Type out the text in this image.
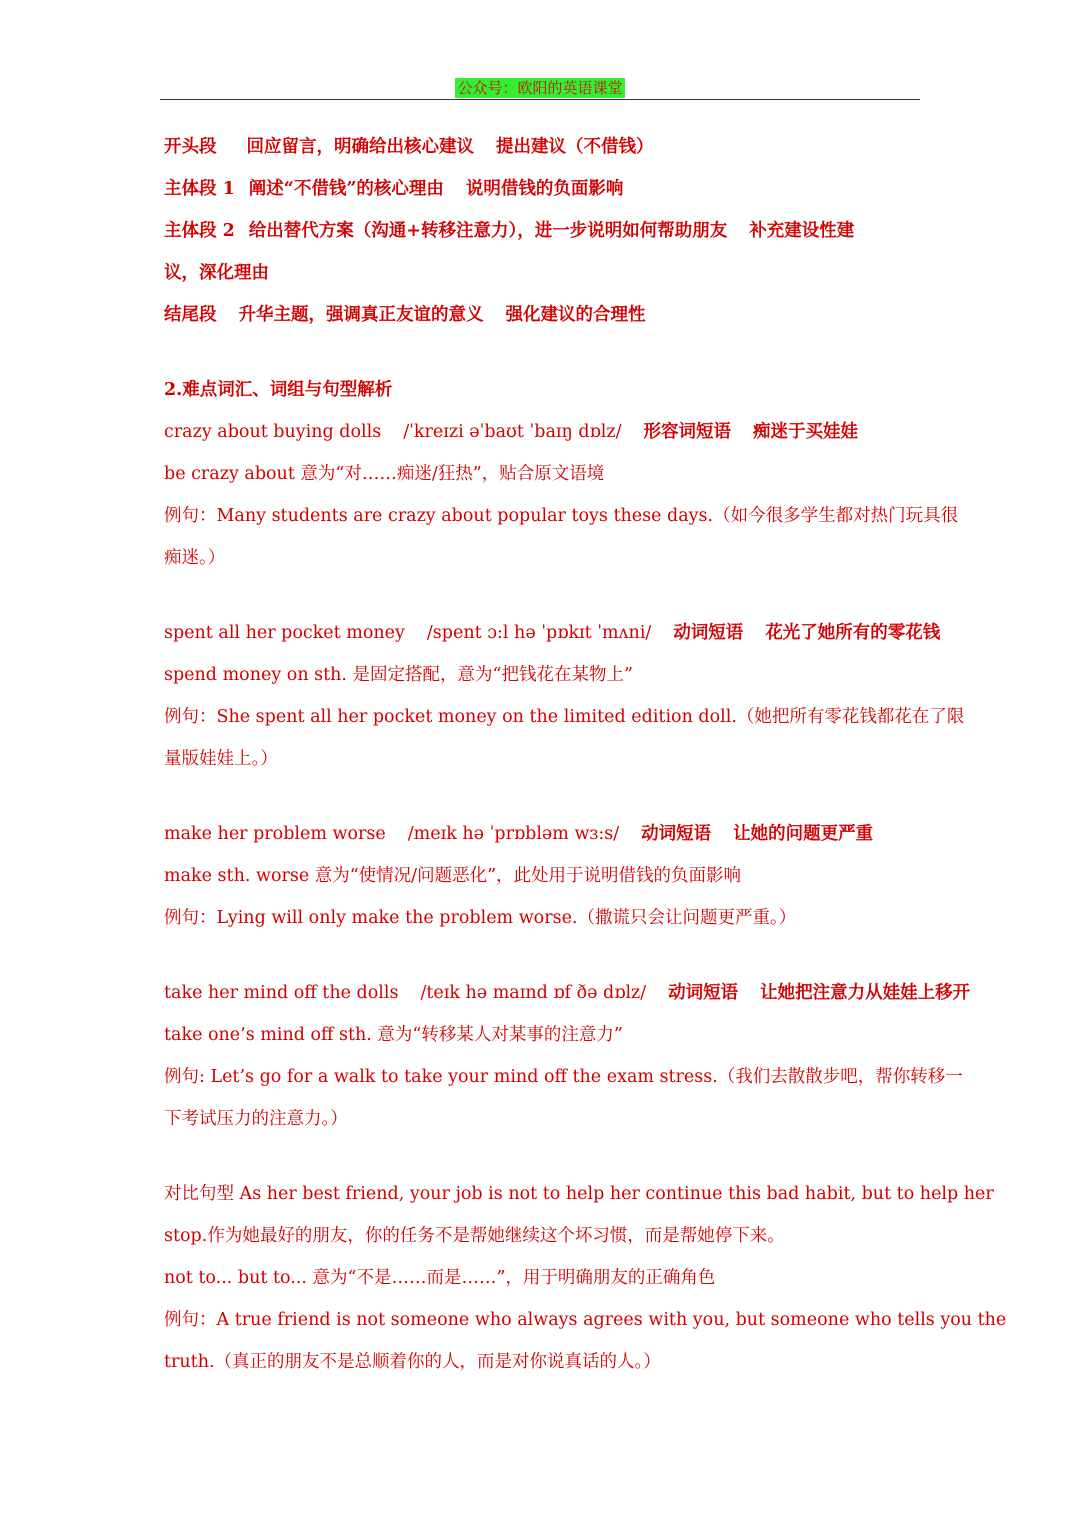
公众号：欧阳的英语课堂
开头段 回应留言，明确给出核心建议 提出建议（不借钱）
主体段 1 阐述“不借钱”的核心理由 说明借钱的负面影响
主体段 2 给出替代方案（沟通+转移注意力），进一步说明如何帮助朋友 补充建设性建
议，深化理由
结尾段 升华主题，强调真正友谊的意义 强化建议的合理性
2.难点词汇、词组与句型解析
crazy about buying dolls /ˈkreɪzi əˈbaʊt ˈbaɪŋ dɒlz/ 形容词短语 痴迷于买娃娃
be crazy about 意为“对……痴迷/狂热”，贴合原文语境
例句：Many students are crazy about popular toys these days.（如今很多学生都对热门玩具很
痴迷。）
spent all her pocket money /spent ɔ:l hə ˈpɒkɪt ˈmʌni/ 动词短语 花光了她所有的零花钱
spend money on sth. 是固定搭配，意为“把钱花在某物上”
例句：She spent all her pocket money on the limited edition doll.（她把所有零花钱都花在了限
量版娃娃上。）
make her problem worse /meɪk hə ˈprɒbləm wɜ:s/ 动词短语 让她的问题更严重
make sth. worse 意为“使情况/问题恶化”，此处用于说明借钱的负面影响
例句：Lying will only make the problem worse.（撒谎只会让问题更严重。）
take her mind off the dolls /teɪk hə maɪnd ɒf ðə dɒlz/ 动词短语 让她把注意力从娃娃上移开
take one’s mind off sth. 意为“转移某人对某事的注意力”
例句: Let’s go for a walk to take your mind off the exam stress.（我们去散散步吧，帮你转移一
下考试压力的注意力。）
对比句型 As her best friend, your job is not to help her continue this bad habit, but to help her
stop.作为她最好的朋友，你的任务不是帮她继续这个坏习惯，而是帮她停下来。
not to... but to... 意为“不是……而是……”，用于明确朋友的正确角色
例句：A true friend is not someone who always agrees with you, but someone who tells you the
truth.（真正的朋友不是总顺着你的人，而是对你说真话的人。）
